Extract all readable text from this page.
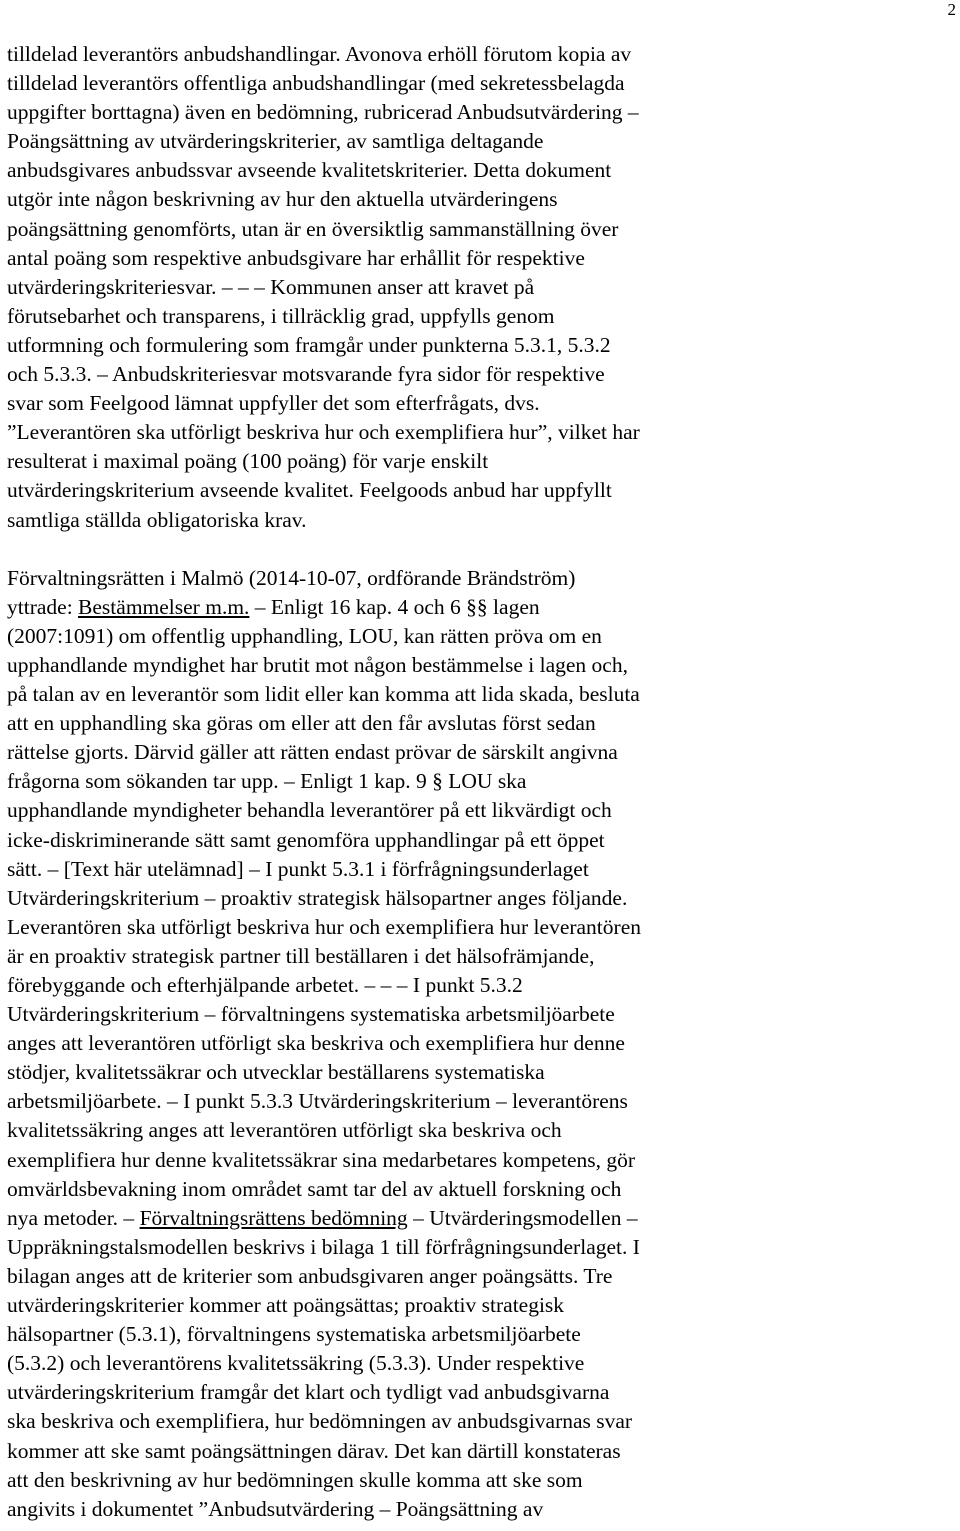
2
tilldelad leverantörs anbudshandlingar. Avonova erhöll förutom kopia av
tilldelad leverantörs offentliga anbudshandlingar (med sekretessbelagda
uppgifter borttagna) även en bedömning, rubricerad Anbudsutvärdering –
Poängsättning av utvärderingskriterier, av samtliga deltagande
anbudsgivares anbudssvar avseende kvalitetskriterier. Detta dokument
utgör inte någon beskrivning av hur den aktuella utvärderingens
poängsättning genomförts, utan är en översiktlig sammanställning över
antal poäng som respektive anbudsgivare har erhållit för respektive
utvärderingskriteriesvar. – – – Kommunen anser att kravet på
förutsebarhet och transparens, i tillräcklig grad, uppfylls genom
utformning och formulering som framgår under punkterna 5.3.1, 5.3.2
och 5.3.3. – Anbudskriteriesvar motsvarande fyra sidor för respektive
svar som Feelgood lämnat uppfyller det som efterfrågats, dvs.
”Leverantören ska utförligt beskriva hur och exemplifiera hur”, vilket har
resulterat i maximal poäng (100 poäng) för varje enskilt
utvärderingskriterium avseende kvalitet. Feelgoods anbud har uppfyllt
samtliga ställda obligatoriska krav.
Förvaltningsrätten i Malmö (2014-10-07, ordförande Brändström)
yttrade: Bestämmelser m.m. – Enligt 16 kap. 4 och 6 §§ lagen
(2007:1091) om offentlig upphandling, LOU, kan rätten pröva om en
upphandlande myndighet har brutit mot någon bestämmelse i lagen och,
på talan av en leverantör som lidit eller kan komma att lida skada, besluta
att en upphandling ska göras om eller att den får avslutas först sedan
rättelse gjorts. Därvid gäller att rätten endast prövar de särskilt angivna
frågorna som sökanden tar upp. – Enligt 1 kap. 9 § LOU ska
upphandlande myndigheter behandla leverantörer på ett likvärdigt och
icke-diskriminerande sätt samt genomföra upphandlingar på ett öppet
sätt. – [Text här utelämnad] – I punkt 5.3.1 i förfrågningsunderlaget
Utvärderingskriterium – proaktiv strategisk hälsopartner anges följande.
Leverantören ska utförligt beskriva hur och exemplifiera hur leverantören
är en proaktiv strategisk partner till beställaren i det hälsofrämjande,
förebyggande och efterhjälpande arbetet. – – – I punkt 5.3.2
Utvärderingskriterium – förvaltningens systematiska arbetsmiljöarbete
anges att leverantören utförligt ska beskriva och exemplifiera hur denne
stödjer, kvalitetssäkrar och utvecklar beställarens systematiska
arbetsmiljöarbete. – I punkt 5.3.3 Utvärderingskriterium – leverantörens
kvalitetssäkring anges att leverantören utförligt ska beskriva och
exemplifiera hur denne kvalitetssäkrar sina medarbetares kompetens, gör
omvärldsbevakning inom området samt tar del av aktuell forskning och
nya metoder. – Förvaltningsrättens bedömning – Utvärderingsmodellen –
Uppräkningstalsmodellen beskrivs i bilaga 1 till förfrågningsunderlaget. I
bilagan anges att de kriterier som anbudsgivaren anger poängsätts. Tre
utvärderingskriterier kommer att poängsättas; proaktiv strategisk
hälsopartner (5.3.1), förvaltningens systematiska arbetsmiljöarbete
(5.3.2) och leverantörens kvalitetssäkring (5.3.3). Under respektive
utvärderingskriterium framgår det klart och tydligt vad anbudsgivarna
ska beskriva och exemplifiera, hur bedömningen av anbudsgivarnas svar
kommer att ske samt poängsättningen därav. Det kan därtill konstateras
att den beskrivning av hur bedömningen skulle komma att ske som
angivits i dokumentet ”Anbudsutvärdering – Poängsättning av
